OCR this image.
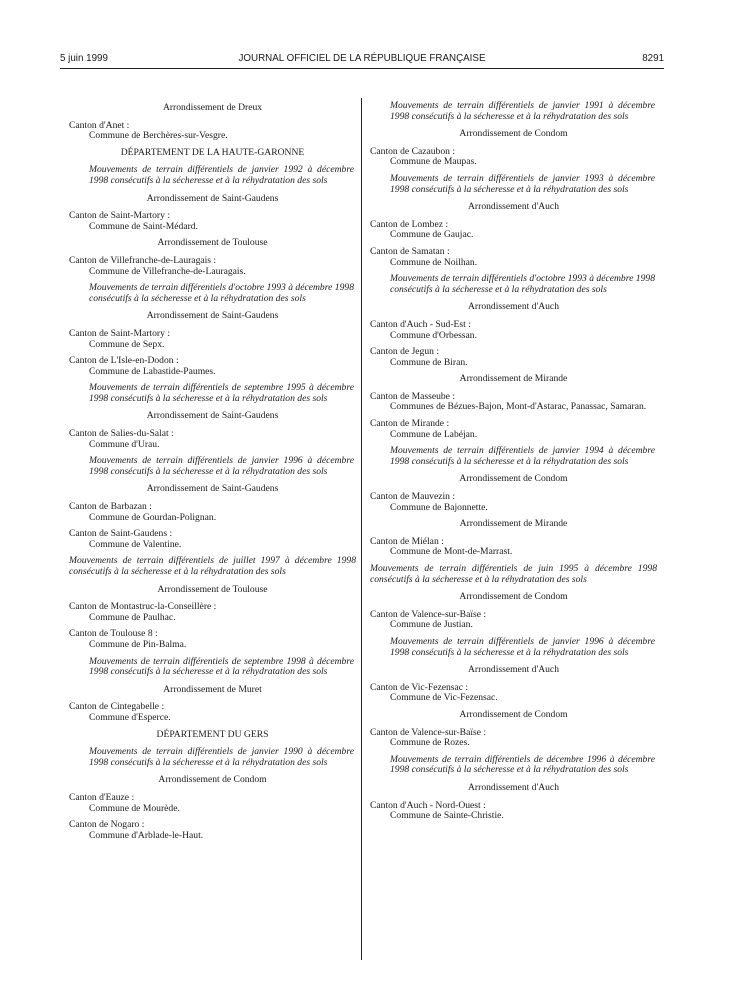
5 juin 1999	JOURNAL OFFICIEL DE LA RÉPUBLIQUE FRANÇAISE	8291
Arrondissement de Dreux
Canton d'Anet :
Commune de Berchères-sur-Vesgre.
DÉPARTEMENT DE LA HAUTE-GARONNE
Mouvements de terrain différentiels de janvier 1992 à décembre 1998 consécutifs à la sécheresse et à la réhydratation des sols
Arrondissement de Saint-Gaudens
Canton de Saint-Martory :
Commune de Saint-Médard.
Arrondissement de Toulouse
Canton de Villefranche-de-Lauragais :
Commune de Villefranche-de-Lauragais.
Mouvements de terrain différentiels d'octobre 1993 à décembre 1998 consécutifs à la sécheresse et à la réhydratation des sols
Arrondissement de Saint-Gaudens
Canton de Saint-Martory :
Commune de Sepx.
Canton de L'Isle-en-Dodon :
Commune de Labastide-Paumes.
Mouvements de terrain différentiels de septembre 1995 à décembre 1998 consécutifs à la sécheresse et à la réhydratation des sols
Arrondissement de Saint-Gaudens
Canton de Salies-du-Salat :
Commune d'Urau.
Mouvements de terrain différentiels de janvier 1996 à décembre 1998 consécutifs à la sécheresse et à la réhydratation des sols
Arrondissement de Saint-Gaudens
Canton de Barbazan :
Commune de Gourdan-Polignan.
Canton de Saint-Gaudens :
Commune de Valentine.
Mouvements de terrain différentiels de juillet 1997 à décembre 1998 consécutifs à la sécheresse et à la réhydratation des sols
Arrondissement de Toulouse
Canton de Montastruc-la-Conseillère :
Commune de Paulhac.
Canton de Toulouse 8 :
Commune de Pin-Balma.
Mouvements de terrain différentiels de septembre 1998 à décembre 1998 consécutifs à la sécheresse et à la réhydratation des sols
Arrondissement de Muret
Canton de Cintegabelle :
Commune d'Esperce.
DÉPARTEMENT DU GERS
Mouvements de terrain différentiels de janvier 1990 à décembre 1998 consécutifs à la sécheresse et à la réhydratation des sols
Arrondissement de Condom
Canton d'Eauze :
Commune de Mourède.
Canton de Nogaro :
Commune d'Arblade-le-Haut.
Mouvements de terrain différentiels de janvier 1991 à décembre 1998 consécutifs à la sécheresse et à la réhydratation des sols
Arrondissement de Condom
Canton de Cazaubon :
Commune de Maupas.
Mouvements de terrain différentiels de janvier 1993 à décembre 1998 consécutifs à la sécheresse et à la réhydratation des sols
Arrondissement d'Auch
Canton de Lombez :
Commune de Gaujac.
Canton de Samatan :
Commune de Noilhan.
Mouvements de terrain différentiels d'octobre 1993 à décembre 1998 consécutifs à la sécheresse et à la réhydratation des sols
Arrondissement d'Auch
Canton d'Auch - Sud-Est :
Commune d'Orbessan.
Canton de Jegun :
Commune de Biran.
Arrondissement de Mirande
Canton de Masseube :
Communes de Bézues-Bajon, Mont-d'Astarac, Panassac, Samaran.
Canton de Mirande :
Commune de Labéjan.
Mouvements de terrain différentiels de janvier 1994 à décembre 1998 consécutifs à la sécheresse et à la réhydratation des sols
Arrondissement de Condom
Canton de Mauvezin :
Commune de Bajonnette.
Arrondissement de Mirande
Canton de Miélan :
Commune de Mont-de-Marrast.
Mouvements de terrain différentiels de juin 1995 à décembre 1998 consécutifs à la sécheresse et à la réhydratation des sols
Arrondissement de Condom
Canton de Valence-sur-Baïse :
Commune de Justian.
Mouvements de terrain différentiels de janvier 1996 à décembre 1998 consécutifs à la sécheresse et à la réhydratation des sols
Arrondissement d'Auch
Canton de Vic-Fezensac :
Commune de Vic-Fezensac.
Arrondissement de Condom
Canton de Valence-sur-Baïse :
Commune de Rozes.
Mouvements de terrain différentiels de décembre 1996 à décembre 1998 consécutifs à la sécheresse et à la réhydratation des sols
Arrondissement d'Auch
Canton d'Auch - Nord-Ouest :
Commune de Sainte-Christie.
